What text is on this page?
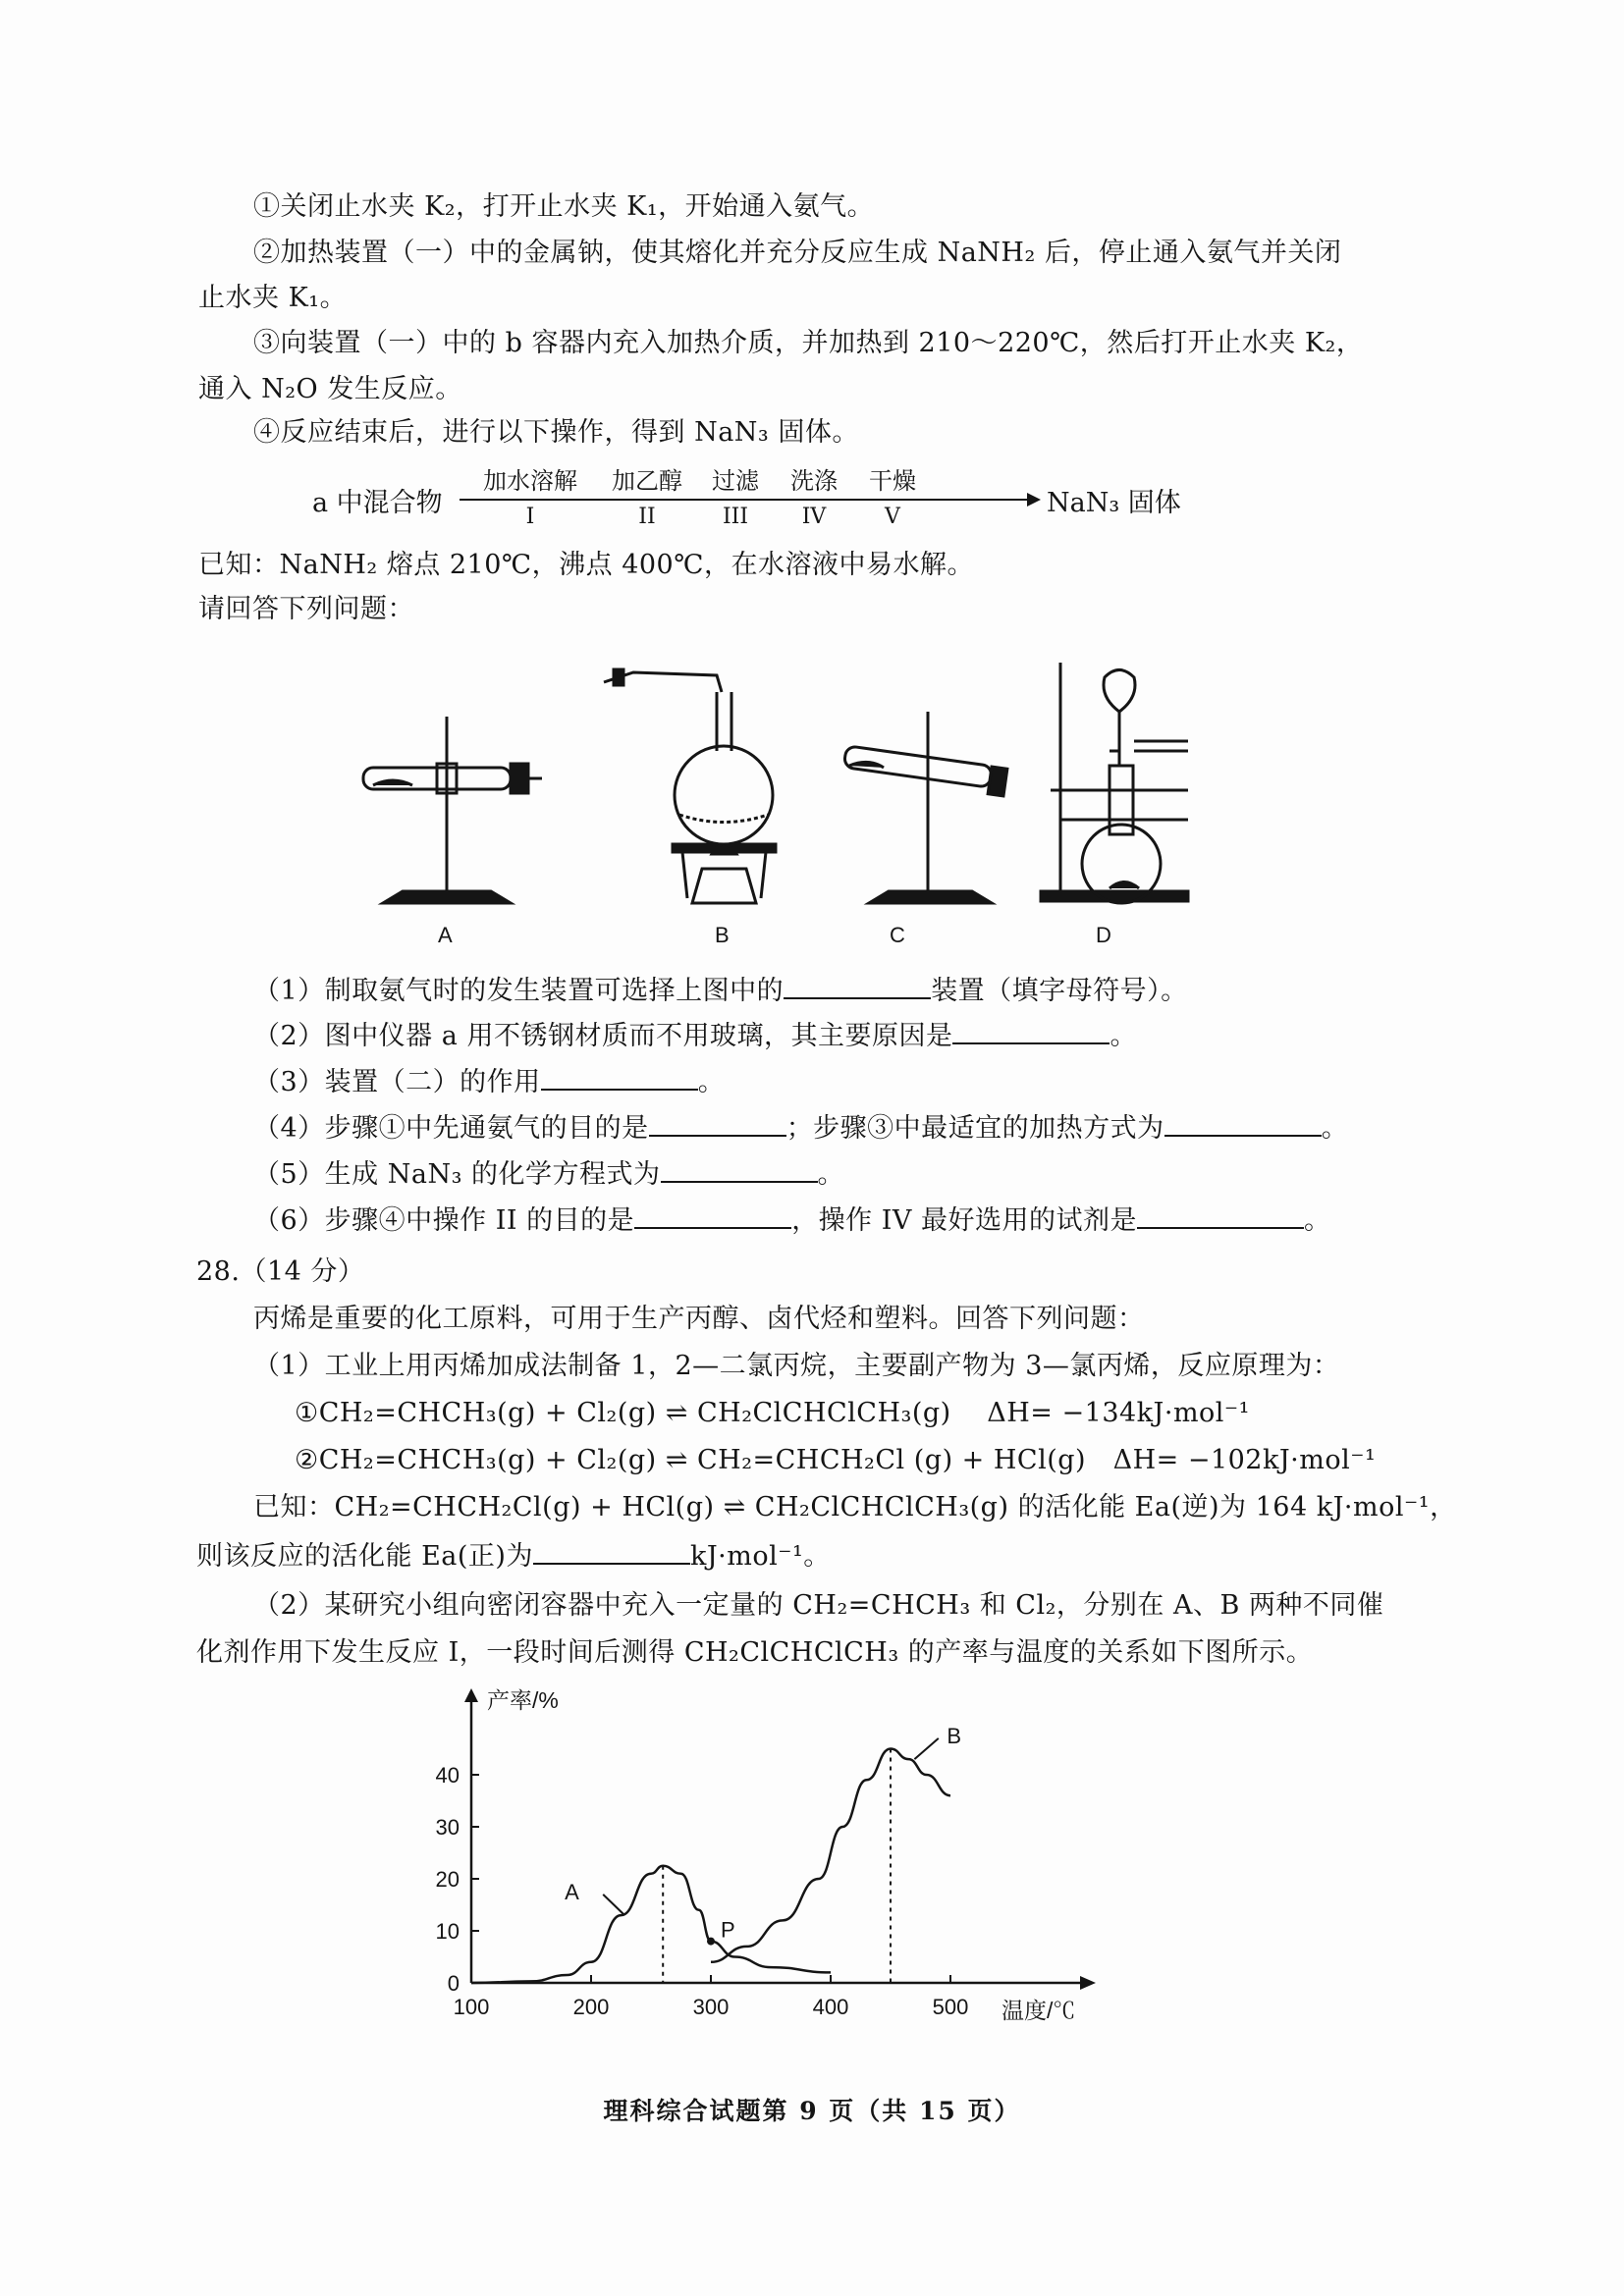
①关闭止水夹 K₂，打开止水夹 K₁，开始通入氨气。
②加热装置（一）中的金属钠，使其熔化并充分反应生成 NaNH₂ 后，停止通入氨气并关闭
止水夹 K₁。
③向装置（一）中的 b 容器内充入加热介质，并加热到 210～220℃，然后打开止水夹 K₂，
通入 N₂O 发生反应。
④反应结束后，进行以下操作，得到 NaN₃ 固体。
a 中混合物
加水溶解	加乙醇	过滤	洗涤	干燥
I	II	III	IV	V	NaN₃ 固体
已知：NaNH₂ 熔点 210℃，沸点 400℃，在水溶液中易水解。
请回答下列问题：
A	B	C	D
（1）制取氨气时的发生装置可选择上图中的	装置（填字母符号）。
（2）图中仪器 a 用不锈钢材质而不用玻璃，其主要原因是	。
（3）装置（二）的作用	。
（4）步骤①中先通氨气的目的是	；步骤③中最适宜的加热方式为	。
（5）生成 NaN₃ 的化学方程式为	。
（6）步骤④中操作 II 的目的是	，操作 IV 最好选用的试剂是	。
28.（14 分）
丙烯是重要的化工原料，可用于生产丙醇、卤代烃和塑料。回答下列问题：
（1）工业上用丙烯加成法制备 1，2—二氯丙烷，主要副产物为 3—氯丙烯，反应原理为：
①CH₂=CHCH₃(g) + Cl₂(g) ⇌ CH₂ClCHClCH₃(g)　 ΔH= −134kJ·mol⁻¹
②CH₂=CHCH₃(g) + Cl₂(g) ⇌ CH₂=CHCH₂Cl (g) + HCl(g)　ΔH= −102kJ·mol⁻¹
已知：CH₂=CHCH₂Cl(g) + HCl(g) ⇌ CH₂ClCHClCH₃(g) 的活化能 Ea(逆)为 164 kJ·mol⁻¹，
则该反应的活化能 Ea(正)为	kJ·mol⁻¹。
（2）某研究小组向密闭容器中充入一定量的 CH₂=CHCH₃ 和 Cl₂，分别在 A、B 两种不同催
化剂作用下发生反应 I，一段时间后测得 CH₂ClCHClCH₃ 的产率与温度的关系如下图所示。
0
10
20
30
40
100	200	300	400	500
产率/%
温度/℃
A
B
P
理科综合试题第 9 页（共 15 页）
